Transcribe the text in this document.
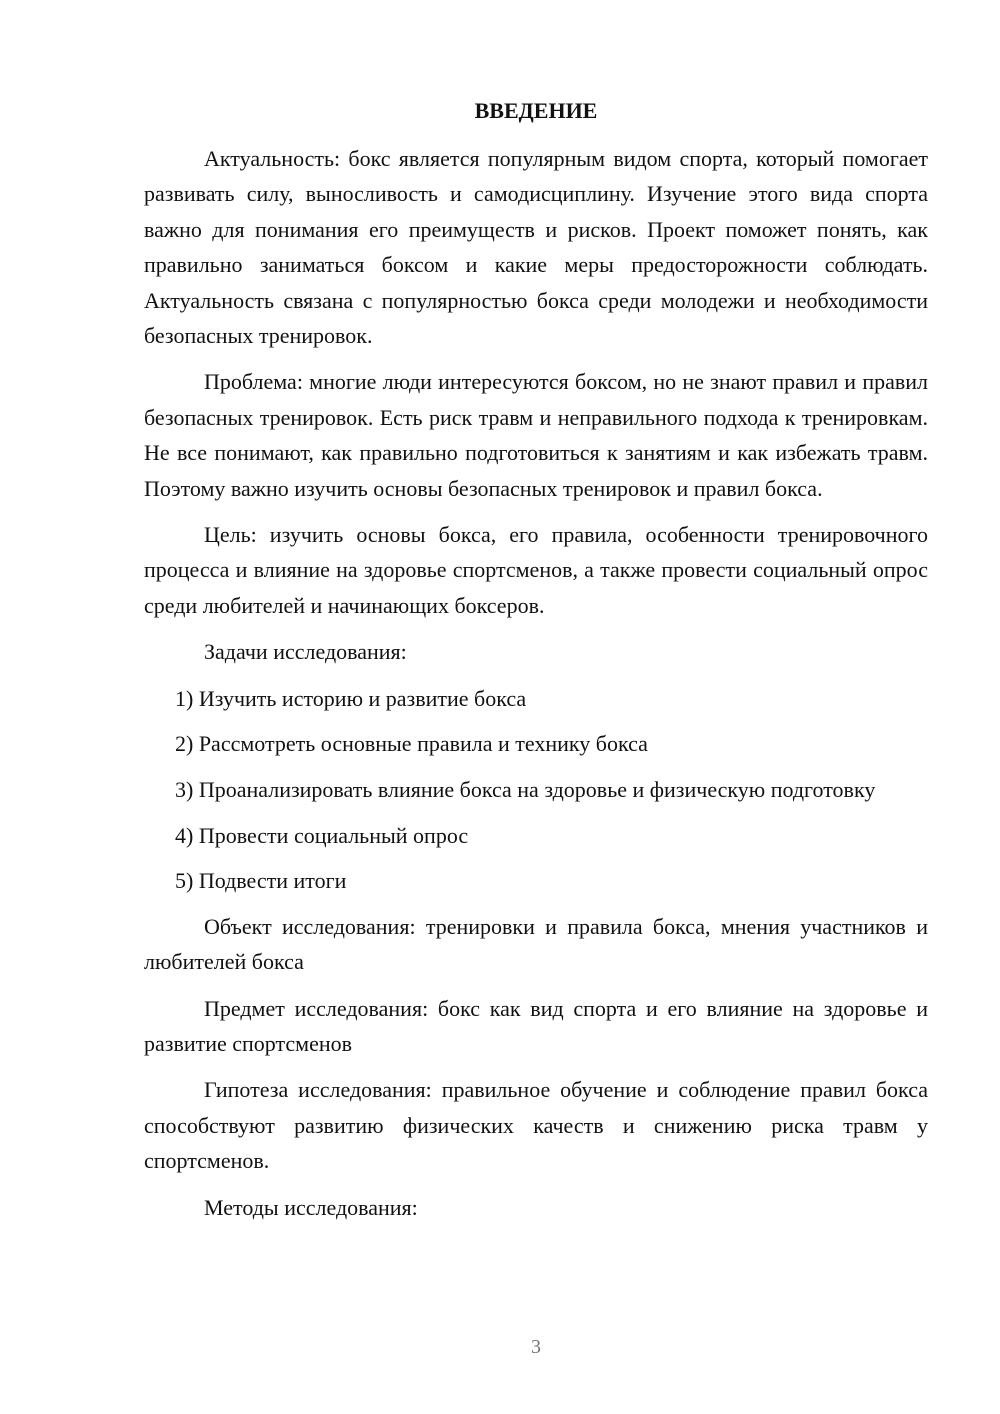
ВВЕДЕНИЕ

Актуальность: бокс является популярным видом спорта, который помогает развивать силу, выносливость и самодисциплину. Изучение этого вида спорта важно для понимания его преимуществ и рисков. Проект поможет понять, как правильно заниматься боксом и какие меры предосторожности соблюдать. Актуальность связана с популярностью бокса среди молодежи и необходимости безопасных тренировок.

Проблема: многие люди интересуются боксом, но не знают правил и правил безопасных тренировок. Есть риск травм и неправильного подхода к тренировкам. Не все понимают, как правильно подготовиться к занятиям и как избежать травм. Поэтому важно изучить основы безопасных тренировок и правил бокса.

Цель: изучить основы бокса, его правила, особенности тренировочного процесса и влияние на здоровье спортсменов, а также провести социальный опрос среди любителей и начинающих боксеров.

Задачи исследования:

1) Изучить историю и развитие бокса

2) Рассмотреть основные правила и технику бокса

3) Проанализировать влияние бокса на здоровье и физическую подготовку

4) Провести социальный опрос

5) Подвести итоги

Объект исследования: тренировки и правила бокса, мнения участников и любителей бокса

Предмет исследования: бокс как вид спорта и его влияние на здоровье и развитие спортсменов

Гипотеза исследования: правильное обучение и соблюдение правил бокса способствуют развитию физических качеств и снижению риска травм у спортсменов.

Методы исследования:

3
